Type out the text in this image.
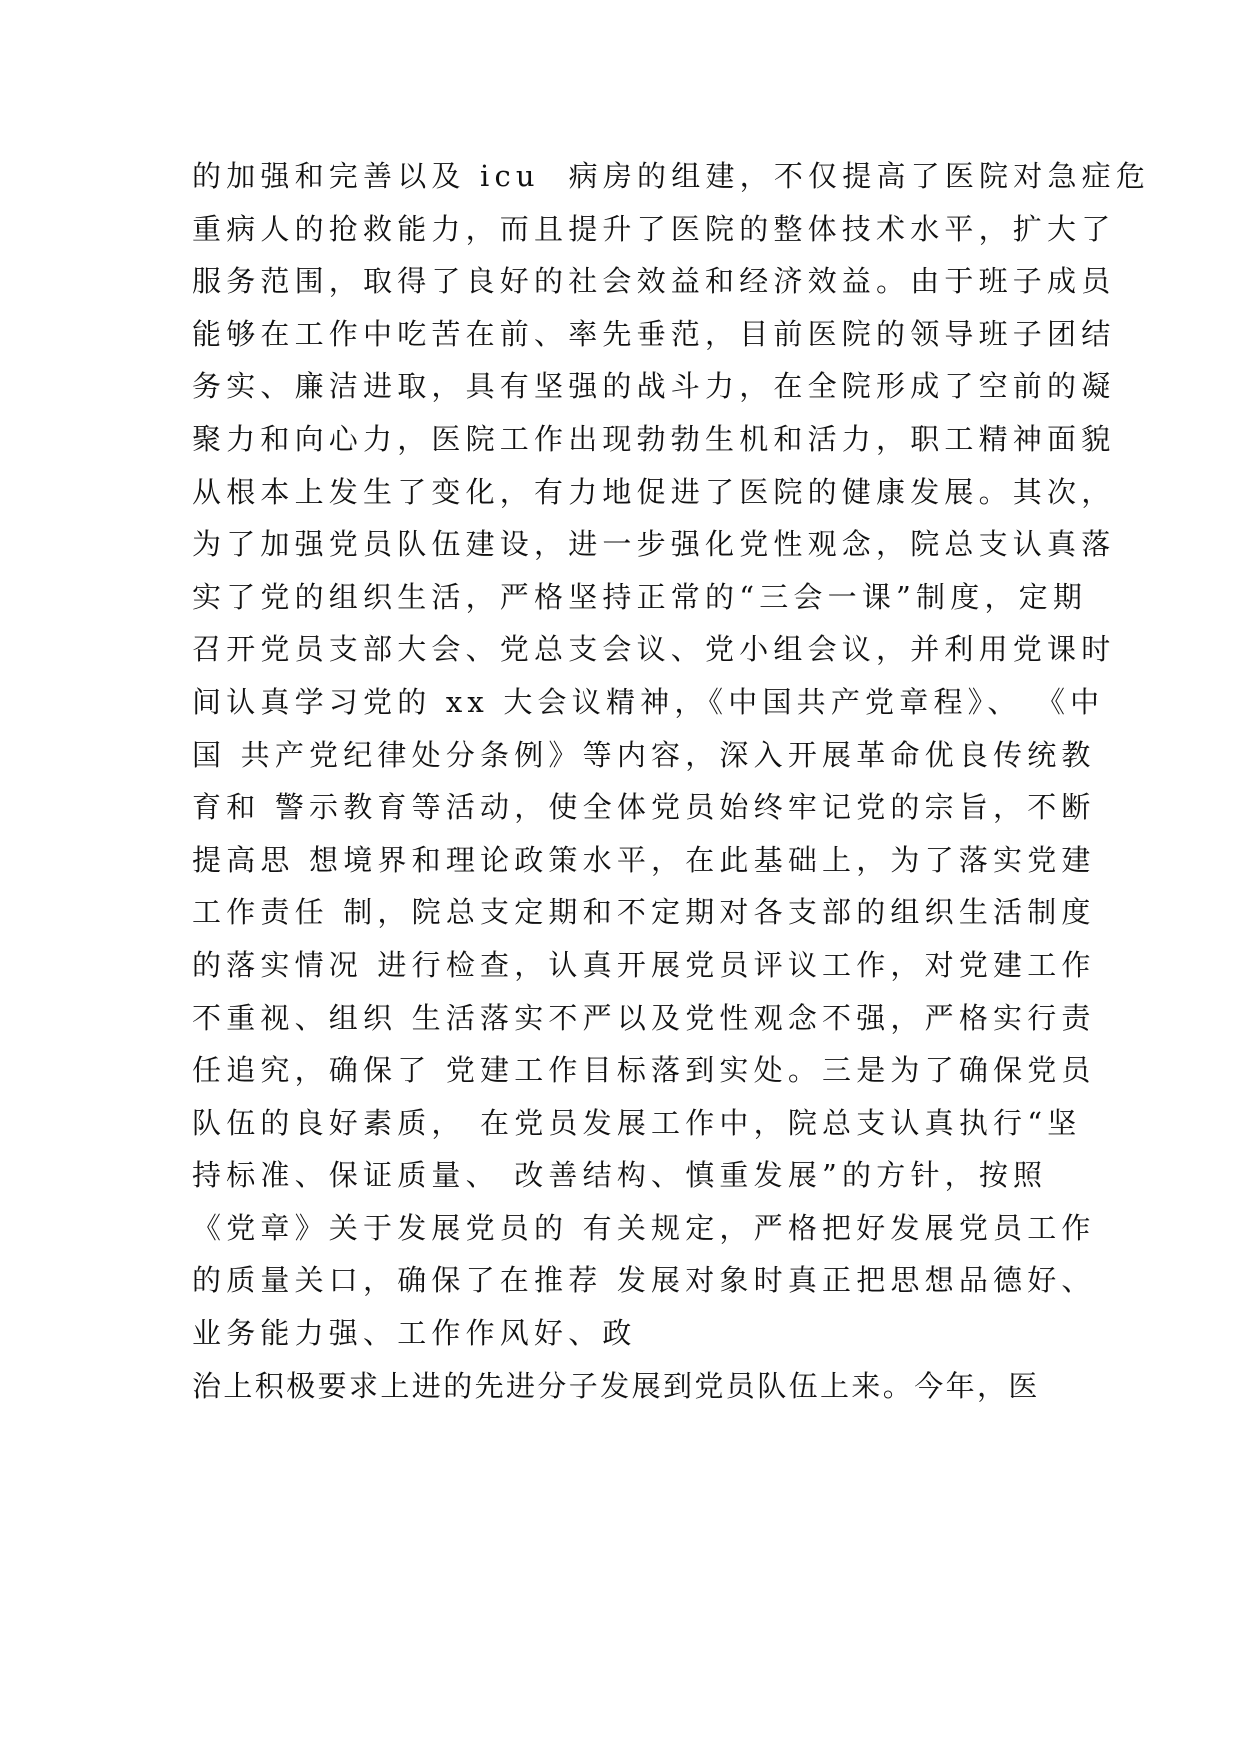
的加强和完善以及 icu  病房的组建，不仅提高了医院对急症危
重病人的抢救能力，而且提升了医院的整体技术水平，扩大了
服务范围，取得了良好的社会效益和经济效益。由于班子成员
能够在工作中吃苦在前、率先垂范，目前医院的领导班子团结
务实、廉洁进取，具有坚强的战斗力，在全院形成了空前的凝
聚力和向心力，医院工作出现勃勃生机和活力，职工精神面貌
从根本上发生了变化，有力地促进了医院的健康发展。其次，
为了加强党员队伍建设，进一步强化党性观念，院总支认真落
实了党的组织生活，严格坚持正常的“三会一课”制度，定期
召开党员支部大会、党总支会议、党小组会议，并利用党课时
间认真学习党的 xx 大会议精神，《中国共产党章程》、 《中
国 共产党纪律处分条例》等内容，深入开展革命优良传统教
育和 警示教育等活动，使全体党员始终牢记党的宗旨，不断
提高思 想境界和理论政策水平，在此基础上，为了落实党建
工作责任 制，院总支定期和不定期对各支部的组织生活制度
的落实情况 进行检查，认真开展党员评议工作，对党建工作
不重视、组织 生活落实不严以及党性观念不强，严格实行责
任追究，确保了 党建工作目标落到实处。三是为了确保党员
队伍的良好素质， 在党员发展工作中，院总支认真执行“坚
持标准、保证质量、 改善结构、慎重发展”的方针，按照
《党章》关于发展党员的 有关规定，严格把好发展党员工作
的质量关口，确保了在推荐 发展对象时真正把思想品德好、
业务能力强、工作作风好、政
治上积极要求上进的先进分子发展到党员队伍上来。今年，医
